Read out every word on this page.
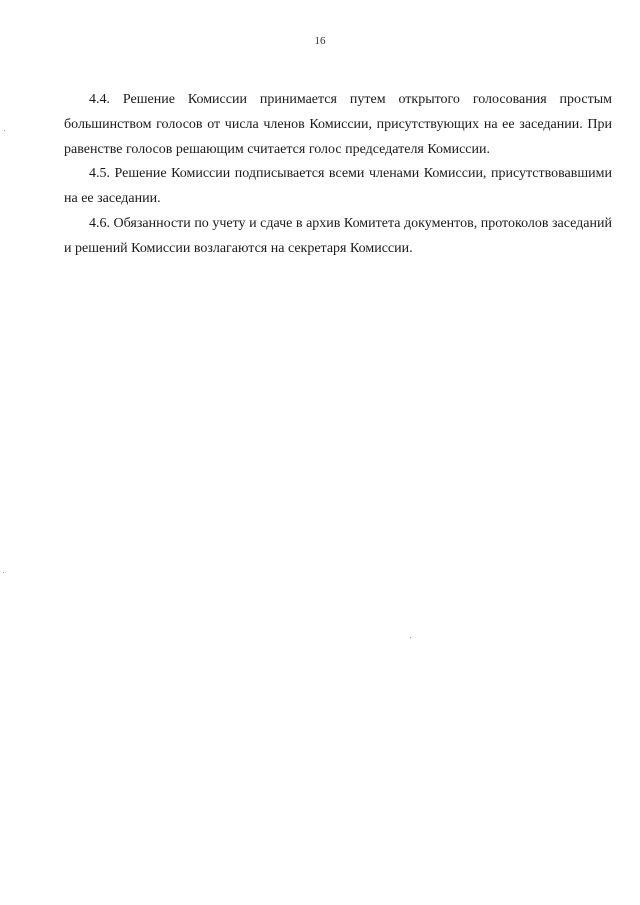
16

4.4. Решение Комиссии принимается путем открытого голосования простым большинством голосов от числа членов Комиссии, присутствующих на ее заседании. При равенстве голосов решающим считается голос председателя Комиссии.

4.5. Решение Комиссии подписывается всеми членами Комиссии, присутствовавшими на ее заседании.

4.6. Обязанности по учету и сдаче в архив Комитета документов, протоколов заседаний и решений Комиссии возлагаются на секретаря Комиссии.
